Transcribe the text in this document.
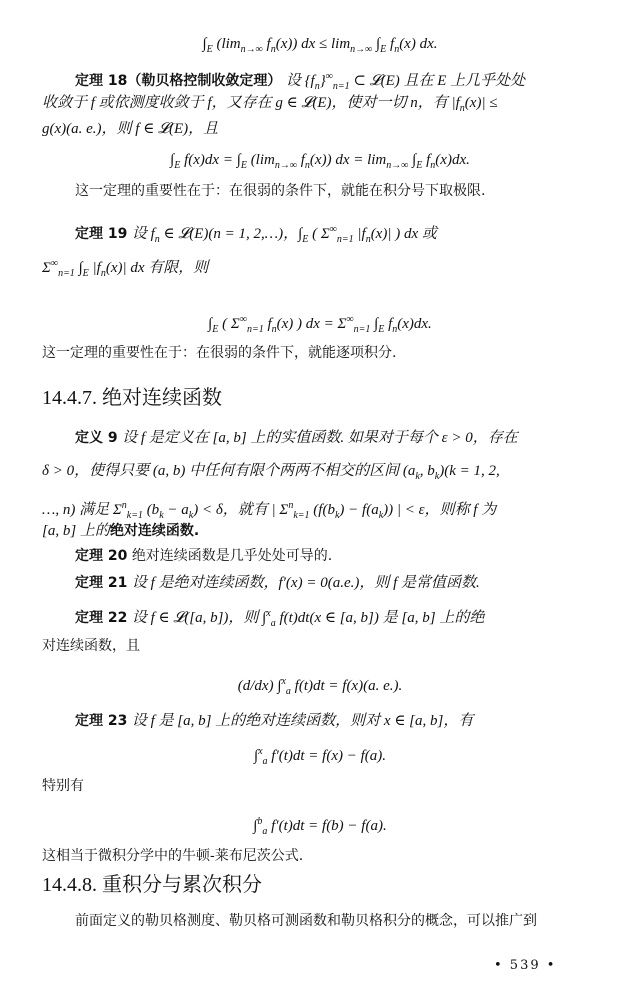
$\int_E$ ($\lim_{n\to\infty}$ $f_n(x)$) dx ≤ $\lim_{n\to\infty} \int_E$ $f_n(x)$ dx.
定理 18（勒贝格控制收敛定理） 设 $\{f_n\}^\infty_{n=1}$ ⊂ 𝓛(E) 且在 E 上几乎处处
收敛于 f 或依测度收敛于 f，又存在 g ∈ 𝓛(E)，使对一切 n，有 $|f_n(x)|$ ≤
g(x)(a. e.)，则 f ∈ 𝓛(E)，且
$\int_E$ $f(x)dx = \int_E$ ($\lim_{n\to\infty}$ $f_n(x)$) dx = $\lim_{n\to\infty} \int_E$ $f_n(x)dx$.
这一定理的重要性在于：在很弱的条件下，就能在积分号下取极限.
定理 19 设 $f_n$ ∈ 𝓛(E)(n = 1, 2,…)，$\int_E$ ( $\Sigma^\infty_{n=1}$ $|f_n(x)|$ ) dx 或
$\Sigma^\infty_{n=1}$ $\int_E$ $|f_n(x)|$ dx 有限，则
$\int_E$ ( $\Sigma^\infty_{n=1}$ $f_n(x)$ ) dx = $\Sigma^\infty_{n=1}$ $\int_E$ $f_n(x)dx$.
这一定理的重要性在于：在很弱的条件下，就能逐项积分.
14.4.7. 绝对连续函数
定义 9 设 f 是定义在 [a, b] 上的实值函数. 如果对于每个 ε > 0，存在
δ > 0，使得只要 (a, b) 中任何有限个两两不相交的区间 ($a_k$, $b_k)(k = 1$, 2,
…, n) 满足 $\Sigma^n_{k=1}$ $(b_k - a_k) < \delta$，就有 | $\Sigma^n_{k=1}$ $(f(b_k) - f(a_k))$ | < ε，则称 f 为
[a, b] 上的绝对连续函数.
定理 20 绝对连续函数是几乎处处可导的.
定理 21 设 f 是绝对连续函数，f′(x) = 0(a.e.)，则 f 是常值函数.
定理 22 设 f ∈ 𝓛([a, b])，则 ∫$^x_a$ f(t)dt(x ∈ [a, b]) 是 [a, b] 上的绝
对连续函数，且
(d/dx) ∫$^x_a$ f(t)dt = f(x)(a. e.).
定理 23 设 f 是 [a, b] 上的绝对连续函数，则对 x ∈ [a, b]，有
∫$^x_a$ f′(t)dt = f(x) − f(a).
特别有
∫$^b_a$ f′(t)dt = f(b) − f(a).
这相当于微积分学中的牛顿-莱布尼茨公式.
14.4.8. 重积分与累次积分
前面定义的勒贝格测度、勒贝格可测函数和勒贝格积分的概念，可以推广到
• 539 •
